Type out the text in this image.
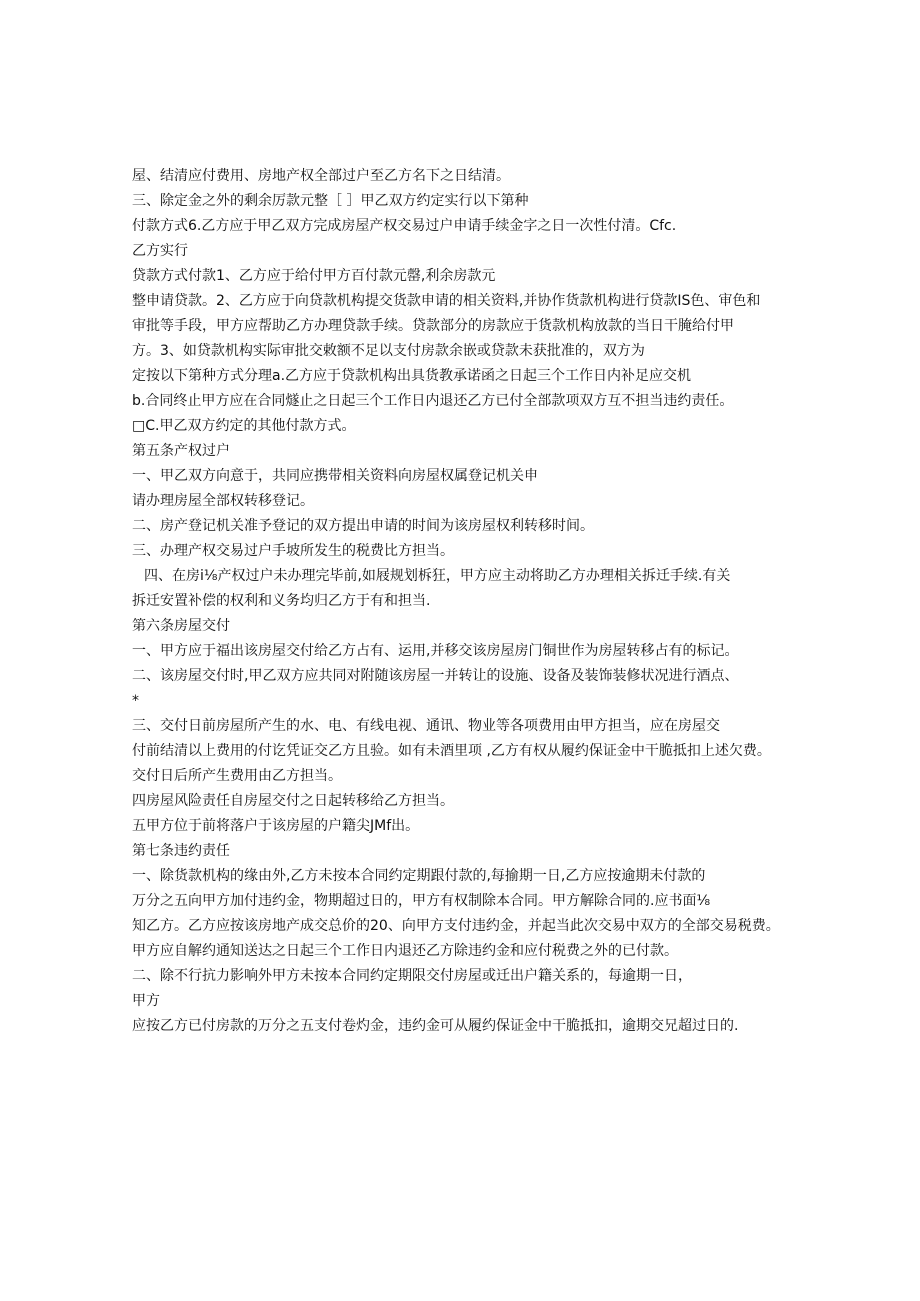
屋、结清应付费用、房地产权全部过户至乙方名下之日结清。
三、除定金之外的剩余厉款元整［ ］甲乙双方约定实行以下第种
付款方式6.乙方应于甲乙双方完成房屋产权交易过户申请手续金字之日一次性付清。Cfc.
乙方实行
贷款方式付款1、乙方应于给付甲方百付款元罄,利余房款元
整申请贷款。2、乙方应于向贷款机构提交货款申请的相关资料,并协作货款机构进行贷款IS色、审色和
审批等手段，甲方应帮助乙方办理贷款手续。贷款部分的房款应于货款机构放款的当日干腌给付甲
方。3、如贷款机构实际审批交敕额不足以支付房款余嵌或贷款未获批准的，双方为
定按以下第种方式分理a.乙方应于贷款机构出具货教承诺函之日起三个工作日内补足应交机
b.合同终止甲方应在合同燧止之日起三个工作日内退还乙方已付全部款项双方互不担当违约责任。
□C.甲乙双方约定的其他付款方式。
第五条产权过户
一、甲乙双方向意于，共同应携带相关资料向房屋权属登记机关申
请办理房屋全部权转移登记。
二、房产登记机关准予登记的双方提出申请的时间为该房屋权利转移时间。
三、办理产权交易过户手坡所发生的税费比方担当。
四、在房i⅛产权过户未办理完毕前,如屐规划柝狂，甲方应主动将助乙方办理相关拆迁手续.有关
拆迁安置补偿的权利和义务均归乙方于有和担当.
第六条房屋交付
一、甲方应于福出该房屋交付给乙方占有、运用,并移交该房屋房门铜世作为房屋转移占有的标记。
二、该房屋交付时,甲乙双方应共同对附随该房屋一并转让的设施、设备及装饰装修状况进行酒点、
*
三、交付日前房屋所产生的水、电、有线电视、通讯、物业等各项费用由甲方担当，应在房屋交
付前结清以上费用的付讫凭证交乙方且验。如有未酒里项 ,乙方有权从履约保证金中干脆抵扣上述欠费。
交付日后所产生费用由乙方担当。
四房屋风险责任自房屋交付之日起转移给乙方担当。
五甲方位于前将落户于该房屋的户籍尖JMf出。
第七条违约责任
一、除货款机构的缘由外,乙方未按本合同约定期跟付款的,每揄期一日,乙方应按逾期未付款的
万分之五向甲方加付违约金，物期超过日的，甲方有权制除本合同。甲方解除合同的.应书面⅛
知乙方。乙方应按该房地产成交总价的20、向甲方支付违约金，并起当此次交易中双方的全部交易税费。
甲方应自解约通知送达之日起三个工作日内退还乙方除违约金和应付税费之外的已付款。
二、除不行抗力影响外甲方未按本合同约定期限交付房屋或迁出户籍关系的，每逾期一日，
甲方
应按乙方已付房款的万分之五支付卷灼金，违约金可从履约保证金中干脆抵扣，逾期交兄超过日的.
